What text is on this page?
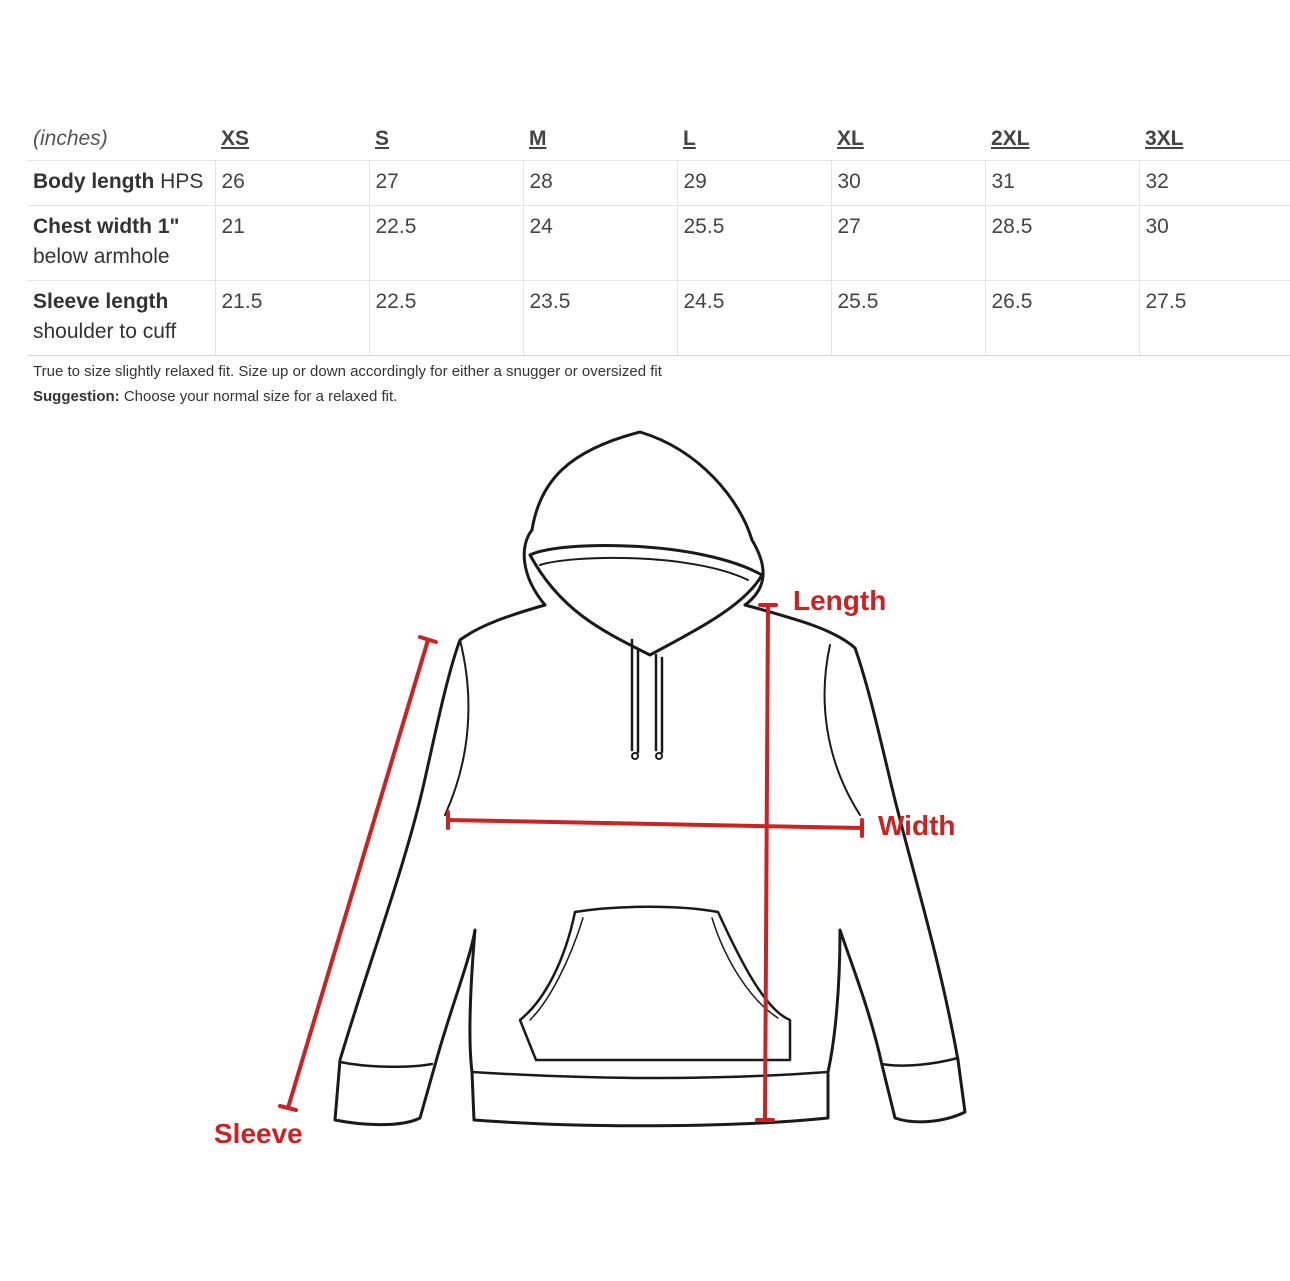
(inches)	XS	S	M	L	XL	2XL	3XL
Body length HPS	26	27	28	29	30	31	32
Chest width 1"
below armhole	21	22.5	24	25.5	27	28.5	30
Sleeve length
shoulder to cuff	21.5	22.5	23.5	24.5	25.5	26.5	27.5
True to size slightly relaxed fit. Size up or down accordingly for either a snugger or oversized fit
Suggestion: Choose your normal size for a relaxed fit.
Length
Width
Sleeve
